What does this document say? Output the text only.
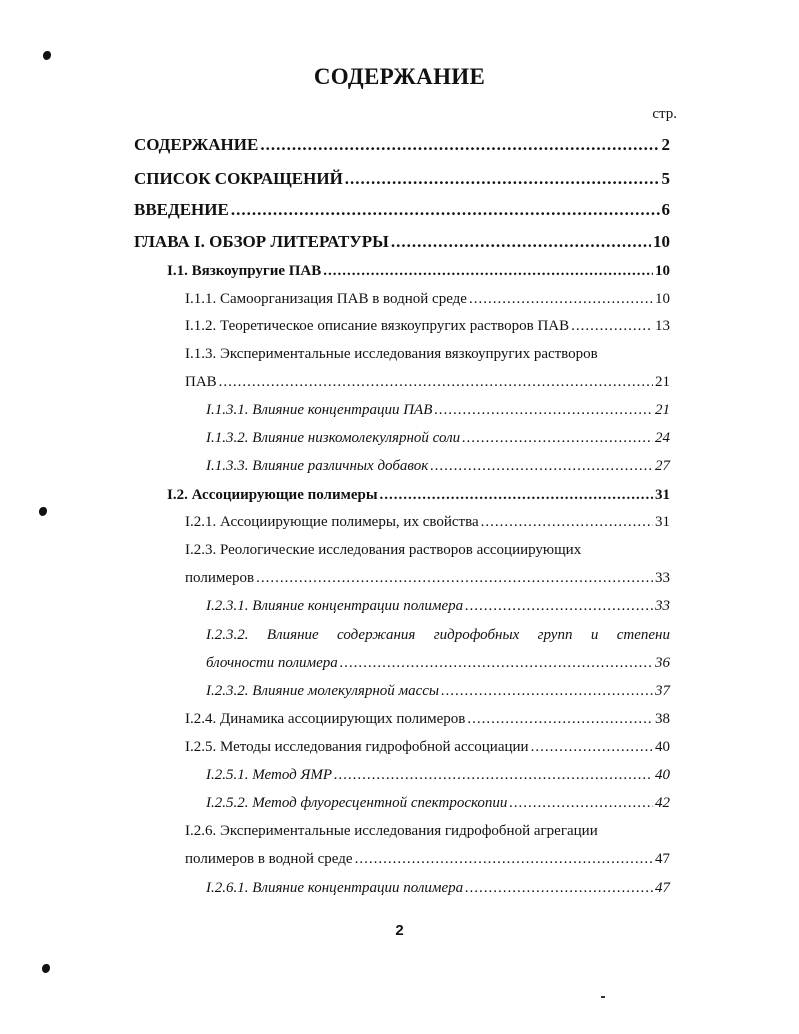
СОДЕРЖАНИЕ
стр.
СОДЕРЖАНИЕ .....	2
СПИСОК СОКРАЩЕНИЙ .....	5
ВВЕДЕНИЕ .....	6
ГЛАВА I. ОБЗОР ЛИТЕРАТУРЫ .....	10
I.1. Вязкоупругие ПАВ .....	10
I.1.1. Самоорганизация ПАВ в водной среде .....	10
I.1.2. Теоретическое описание вязкоупругих растворов ПАВ .....	13
I.1.3. Экспериментальные исследования вязкоупругих растворов
ПАВ .....	21
I.1.3.1. Влияние концентрации ПАВ .....	21
I.1.3.2. Влияние низкомолекулярной соли .....	24
I.1.3.3. Влияние различных добавок .....	27
I.2. Ассоциирующие полимеры .....	31
I.2.1. Ассоциирующие полимеры, их свойства .....	31
I.2.3. Реологические исследования растворов ассоциирующих
полимеров .....	33
I.2.3.1. Влияние концентрации полимера .....	33
I.2.3.2. Влияние содержания гидрофобных групп и степени
блочности полимера .....	36
I.2.3.2. Влияние молекулярной массы .....	37
I.2.4. Динамика ассоциирующих полимеров .....	38
I.2.5. Методы исследования гидрофобной ассоциации .....	40
I.2.5.1. Метод ЯМР .....	40
I.2.5.2. Метод флуоресцентной спектроскопии .....	42
I.2.6. Экспериментальные исследования гидрофобной агрегации
полимеров в водной среде .....	47
I.2.6.1. Влияние концентрации полимера .....	47
2
